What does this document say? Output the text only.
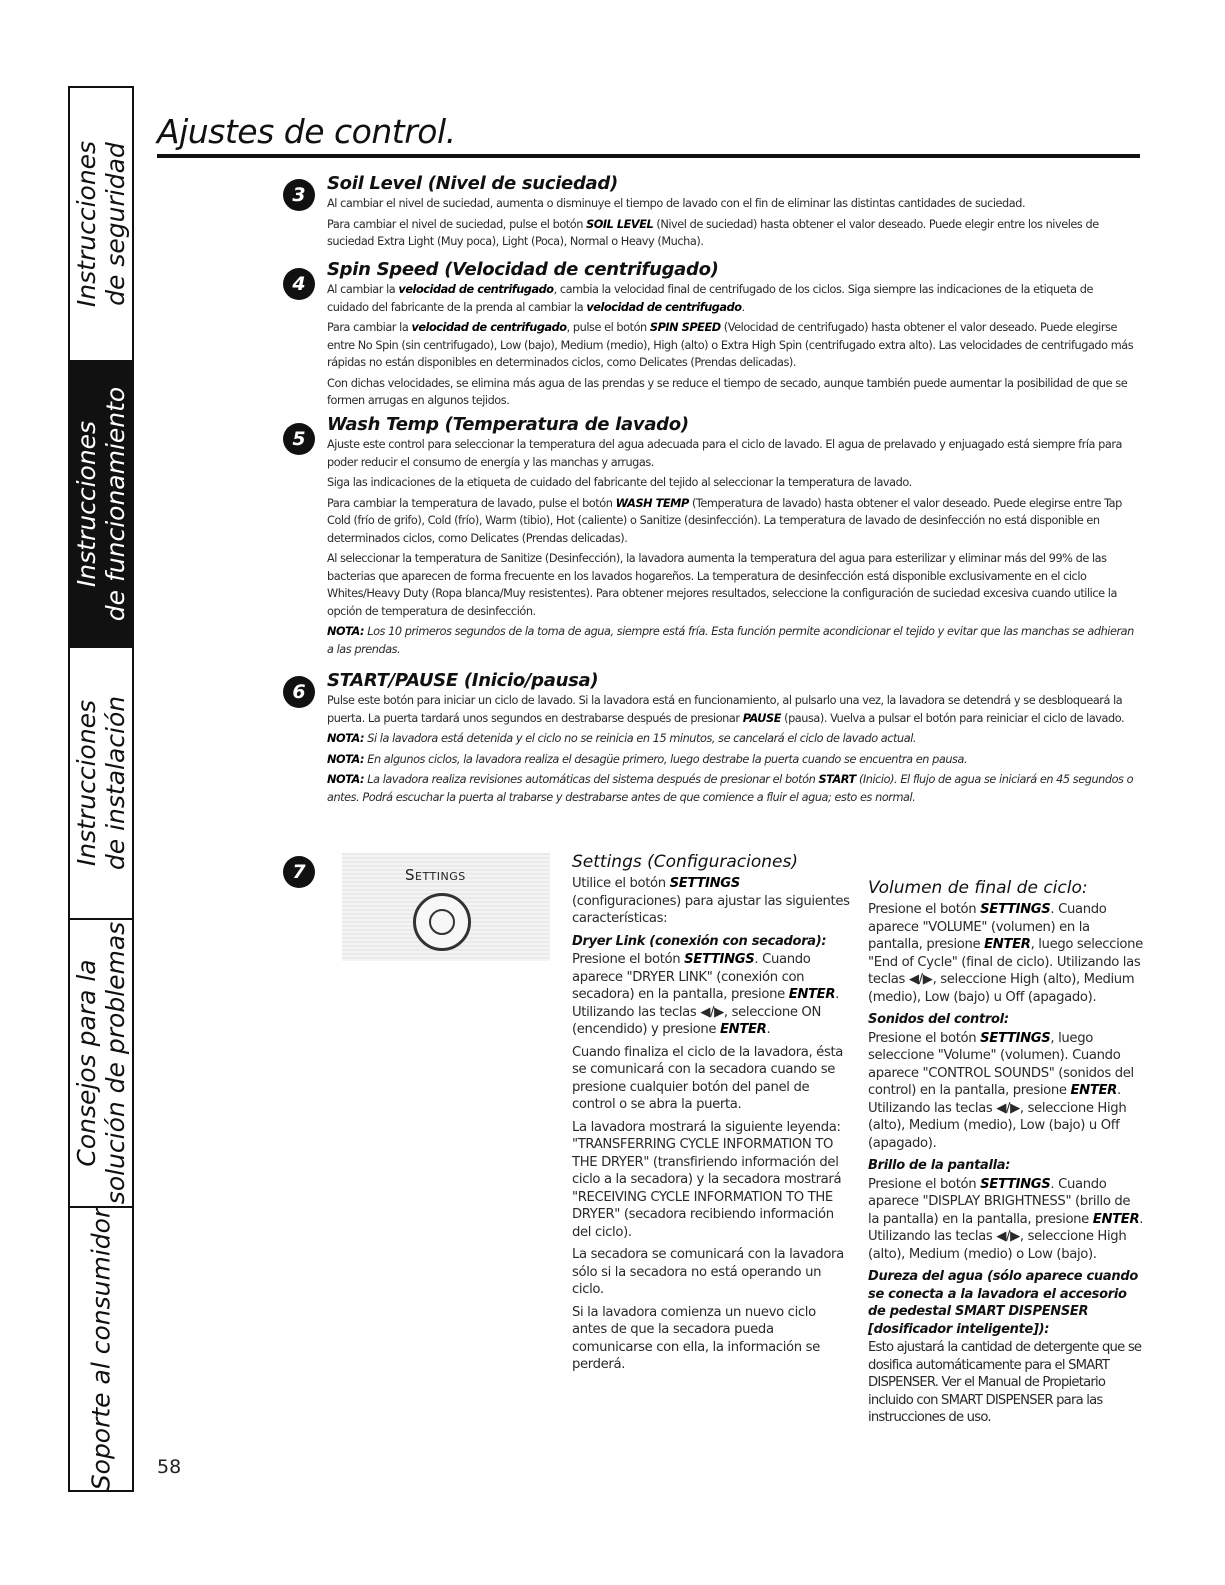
Instrucciones de seguridad
Instrucciones de funcionamiento
Instrucciones de instalación
Consejos para la solución de problemas
Soporte al consumidor
Ajustes de control.
3
Soil Level (Nivel de suciedad)

Al cambiar el nivel de suciedad, aumenta o disminuye el tiempo de lavado con el fin de eliminar las distintas cantidades de suciedad.

Para cambiar el nivel de suciedad, pulse el botón SOIL LEVEL (Nivel de suciedad) hasta obtener el valor deseado. Puede elegir entre los niveles de suciedad Extra Light (Muy poca), Light (Poca), Normal o Heavy (Mucha).

4
Spin Speed (Velocidad de centrifugado)

Al cambiar la velocidad de centrifugado, cambia la velocidad final de centrifugado de los ciclos. Siga siempre las indicaciones de la etiqueta de cuidado del fabricante de la prenda al cambiar la velocidad de centrifugado.

Para cambiar la velocidad de centrifugado, pulse el botón SPIN SPEED (Velocidad de centrifugado) hasta obtener el valor deseado. Puede elegirse entre No Spin (sin centrifugado), Low (bajo), Medium (medio), High (alto) o Extra High Spin (centrifugado extra alto). Las velocidades de centrifugado más rápidas no están disponibles en determinados ciclos, como Delicates (Prendas delicadas).

Con dichas velocidades, se elimina más agua de las prendas y se reduce el tiempo de secado, aunque también puede aumentar la posibilidad de que se formen arrugas en algunos tejidos.

5
Wash Temp (Temperatura de lavado)

Ajuste este control para seleccionar la temperatura del agua adecuada para el ciclo de lavado. El agua de prelavado y enjuagado está siempre fría para poder reducir el consumo de energía y las manchas y arrugas.

Siga las indicaciones de la etiqueta de cuidado del fabricante del tejido al seleccionar la temperatura de lavado.

Para cambiar la temperatura de lavado, pulse el botón WASH TEMP (Temperatura de lavado) hasta obtener el valor deseado. Puede elegirse entre Tap Cold (frío de grifo), Cold (frío), Warm (tibio), Hot (caliente) o Sanitize (desinfección). La temperatura de lavado de desinfección no está disponible en determinados ciclos, como Delicates (Prendas delicadas).

Al seleccionar la temperatura de Sanitize (Desinfección), la lavadora aumenta la temperatura del agua para esterilizar y eliminar más del 99% de las bacterias que aparecen de forma frecuente en los lavados hogareños. La temperatura de desinfección está disponible exclusivamente en el ciclo Whites/Heavy Duty (Ropa blanca/Muy resistentes). Para obtener mejores resultados, seleccione la configuración de suciedad excesiva cuando utilice la opción de temperatura de desinfección.

NOTA: Los 10 primeros segundos de la toma de agua, siempre está fría. Esta función permite acondicionar el tejido y evitar que las manchas se adhieran a las prendas.

6
START/PAUSE (Inicio/pausa)

Pulse este botón para iniciar un ciclo de lavado. Si la lavadora está en funcionamiento, al pulsarlo una vez, la lavadora se detendrá y se desbloqueará la puerta. La puerta tardará unos segundos en destrabarse después de presionar PAUSE (pausa). Vuelva a pulsar el botón para reiniciar el ciclo de lavado.

NOTA: Si la lavadora está detenida y el ciclo no se reinicia en 15 minutos, se cancelará el ciclo de lavado actual.

NOTA: En algunos ciclos, la lavadora realiza el desagüe primero, luego destrabe la puerta cuando se encuentra en pausa.

NOTA: La lavadora realiza revisiones automáticas del sistema después de presionar el botón START (Inicio). El flujo de agua se iniciará en 45 segundos o antes. Podrá escuchar la puerta al trabarse y destrabarse antes de que comience a fluir el agua; esto es normal.

7	Settings
Settings (Configuraciones)

Utilice el botón SETTINGS (configuraciones) para ajustar las siguientes características:

Dryer Link (conexión con secadora):

Presione el botón SETTINGS. Cuando aparece "DRYER LINK" (conexión con secadora) en la pantalla, presione ENTER. Utilizando las teclas ◀/▶, seleccione ON (encendido) y presione ENTER.

Cuando finaliza el ciclo de la lavadora, ésta se comunicará con la secadora cuando se presione cualquier botón del panel de control o se abra la puerta.

La lavadora mostrará la siguiente leyenda: "TRANSFERRING CYCLE INFORMATION TO THE DRYER" (transfiriendo información del ciclo a la secadora) y la secadora mostrará "RECEIVING CYCLE INFORMATION TO THE DRYER" (secadora recibiendo información del ciclo).

La secadora se comunicará con la lavadora sólo si la secadora no está operando un ciclo.

Si la lavadora comienza un nuevo ciclo antes de que la secadora pueda comunicarse con ella, la información se perderá.

Volumen de final de ciclo:

Presione el botón SETTINGS. Cuando aparece "VOLUME" (volumen) en la pantalla, presione ENTER, luego seleccione "End of Cycle" (final de ciclo). Utilizando las teclas ◀/▶, seleccione High (alto), Medium (medio), Low (bajo) u Off (apagado).

Sonidos del control:

Presione el botón SETTINGS, luego seleccione "Volume" (volumen). Cuando aparece "CONTROL SOUNDS" (sonidos del control) en la pantalla, presione ENTER. Utilizando las teclas ◀/▶, seleccione High (alto), Medium (medio), Low (bajo) u Off (apagado).

Brillo de la pantalla:

Presione el botón SETTINGS. Cuando aparece "DISPLAY BRIGHTNESS" (brillo de la pantalla) en la pantalla, presione ENTER. Utilizando las teclas ◀/▶, seleccione High (alto), Medium (medio) o Low (bajo).

Dureza del agua (sólo aparece cuando se conecta a la lavadora el accesorio de pedestal SMART DISPENSER [dosificador inteligente]):

Esto ajustará la cantidad de detergente que se dosifica automáticamente para el SMART DISPENSER. Ver el Manual de Propietario incluido con SMART DISPENSER para las instrucciones de uso.

58
